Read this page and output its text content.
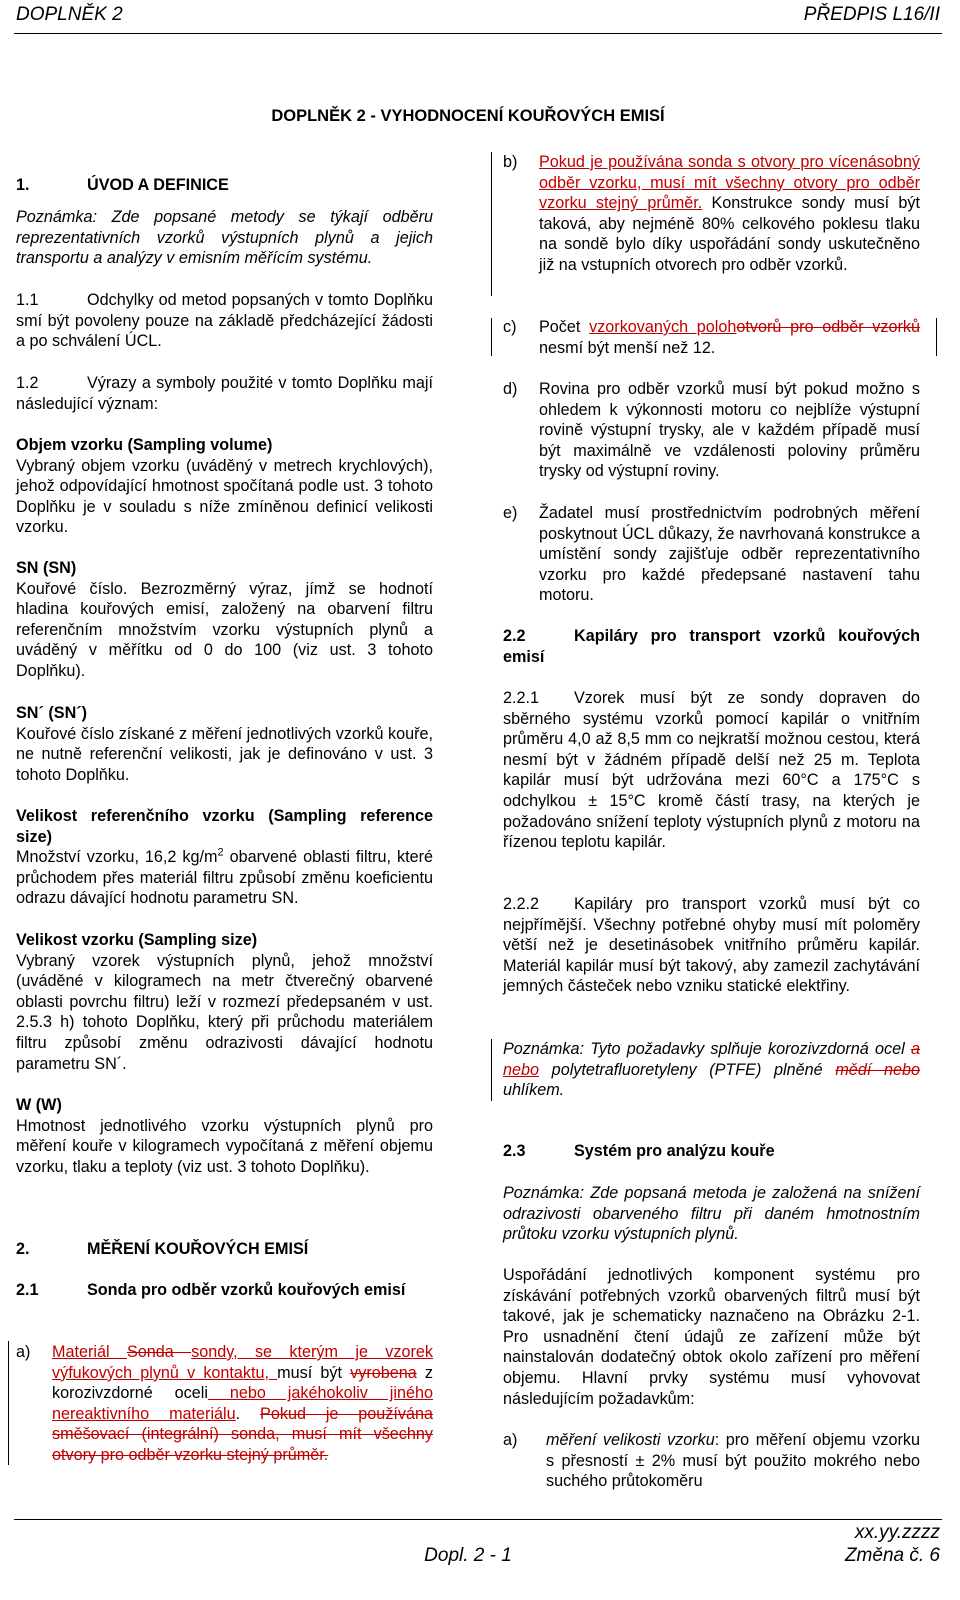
DOPLNĚK 2	PŘEDPIS L16/II
DOPLNĚK 2 - VYHODNOCENÍ KOUŘOVÝCH EMISÍ
1.	ÚVOD A DEFINICE
Poznámka: Zde popsané metody se týkají odběru reprezentativních vzorků výstupních plynů a jejich transportu a analýzy v emisním měřícím systému.
1.1	Odchylky od metod popsaných v tomto Doplňku smí být povoleny pouze na základě předcházející žádosti a po schválení ÚCL.
1.2	Výrazy a symboly použité v tomto Doplňku mají následující význam:

Objem vzorku (Sampling volume)

Vybraný objem vzorku (uváděný v metrech krychlových), jehož odpovídající hmotnost spočítaná podle ust. 3 tohoto Doplňku je v souladu s níže zmíněnou definicí velikosti vzorku.

SN (SN)

Kouřové číslo. Bezrozměrný výraz, jímž se hodnotí hladina kouřových emisí, založený na obarvení filtru referenčním množstvím vzorku výstupních plynů a uváděný v měřítku od 0 do 100 (viz ust. 3 tohoto Doplňku).

SN´ (SN´)

Kouřové číslo získané z měření jednotlivých vzorků kouře, ne nutně referenční velikosti, jak je definováno v ust. 3 tohoto Doplňku.

Velikost referenčního vzorku (Sampling reference size)

Množství vzorku, 16,2 $kg/m^2$ obarvené oblasti filtru, které průchodem přes materiál filtru způsobí změnu koeficientu odrazu dávající hodnotu parametru SN.

Velikost vzorku (Sampling size)

Vybraný vzorek výstupních plynů, jehož množství (uváděné v kilogramech na metr čtverečný obarvené oblasti povrchu filtru) leží v rozmezí předepsaném v ust. 2.5.3 h) tohoto Doplňku, který při průchodu materiálem filtru způsobí změnu odrazivosti dávající hodnotu parametru SN´.

W (W)

Hmotnost jednotlivého vzorku výstupních plynů pro měření kouře v kilogramech vypočítaná z měření objemu vzorku, tlaku a teploty (viz ust. 3 tohoto Doplňku).

2.	MĚŘENÍ KOUŘOVÝCH EMISÍ
2.1	Sonda pro odběr vzorků kouřových emisí
a) Materiál Sonda sondy, se kterým je vzorek výfukových plynů v kontaktu, musí být vyrobena z korozivzdorné oceli nebo jakéhokoliv jiného nereaktivního materiálu. Pokud je používána směšovací (integrální) sonda, musí mít všechny otvory pro odběr vzorku stejný průměr.
b) Pokud je používána sonda s otvory pro vícenásobný odběr vzorku, musí mít všechny otvory pro odběr vzorku stejný průměr. Konstrukce sondy musí být taková, aby nejméně 80% celkového poklesu tlaku na sondě bylo díky uspořádání sondy uskutečněno již na vstupních otvorech pro odběr vzorků.
c) Počet vzorkovaných polohotvorů pro odběr vzorků nesmí být menší než 12.
d) Rovina pro odběr vzorků musí být pokud možno s ohledem k výkonnosti motoru co nejblíže výstupní rovině výstupní trysky, ale v každém případě musí být maximálně ve vzdálenosti poloviny průměru trysky od výstupní roviny.
e) Žadatel musí prostřednictvím podrobných měření poskytnout ÚCL důkazy, že navrhovaná konstrukce a umístění sondy zajišťuje odběr reprezentativního vzorku pro každé předepsané nastavení tahu motoru.
2.2	Kapiláry pro transport vzorků kouřových emisí
2.2.1 Vzorek musí být ze sondy dopraven do sběrného systému vzorků pomocí kapilár o vnitřním průměru 4,0 až 8,5 mm co nejkratší možnou cestou, která nesmí být v žádném případě delší než 25 m. Teplota kapilár musí být udržována mezi 60°C a 175°C s odchylkou ± 15°C kromě částí trasy, na kterých je požadováno snížení teploty výstupních plynů z motoru na řízenou teplotu kapilár.
2.2.2 Kapiláry pro transport vzorků musí být co nejpřímější. Všechny potřebné ohyby musí mít poloměry větší než je desetinásobek vnitřního průměru kapilár. Materiál kapilár musí být takový, aby zamezil zachytávání jemných částeček nebo vzniku statické elektřiny.
Poznámka: Tyto požadavky splňuje korozivzdorná ocel a nebo polytetrafluoretyleny (PTFE) plněné mědí nebo uhlíkem.
2.3	Systém pro analýzu kouře
Poznámka: Zde popsaná metoda je založená na snížení odrazivosti obarveného filtru při daném hmotnostním průtoku vzorku výstupních plynů.
Uspořádání jednotlivých komponent systému pro získávání potřebných vzorků obarvených filtrů musí být takové, jak je schematicky naznačeno na Obrázku 2-1. Pro usnadnění čtení údajů ze zařízení může být nainstalován dodatečný obtok okolo zařízení pro měření objemu. Hlavní prvky systému musí vyhovovat následujícím požadavkům:
a) měření velikosti vzorku: pro měření objemu vzorku s přesností ± 2% musí být použito mokrého nebo suchého průtokoměru
Dopl. 2 - 1
xx.yy.zzzz
Změna č. 6
